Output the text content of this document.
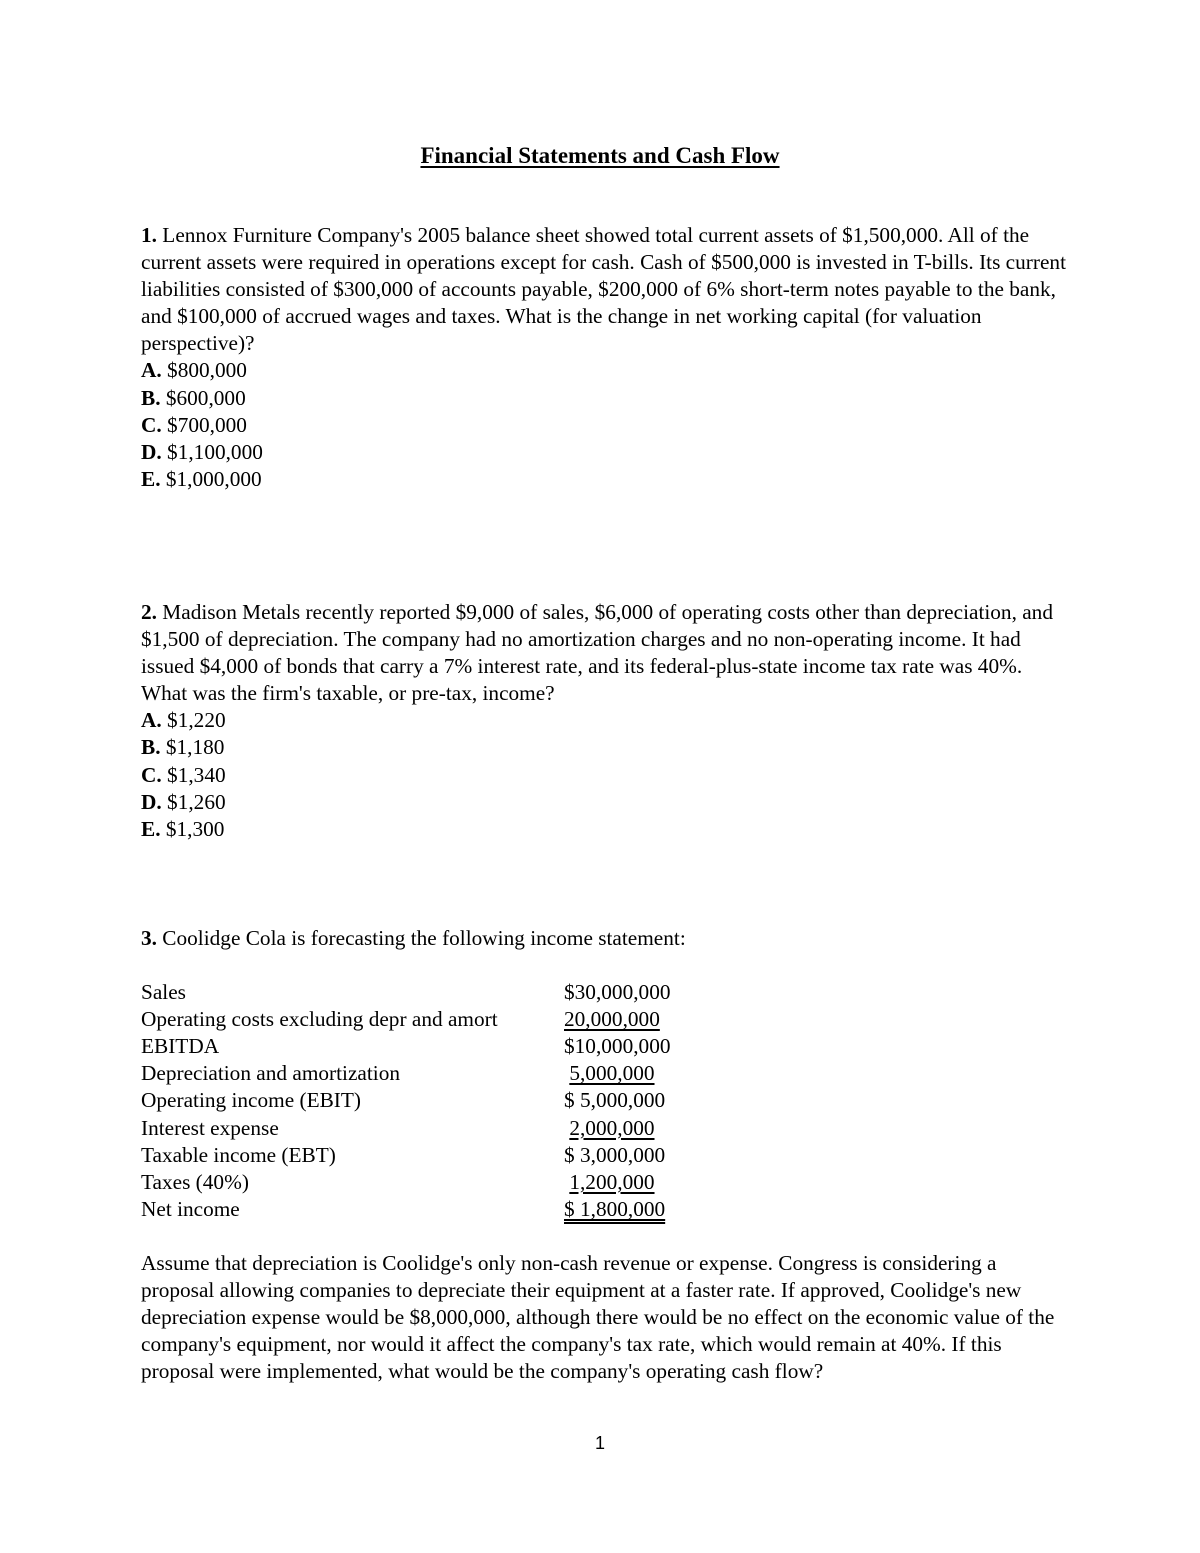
Financial Statements and Cash Flow

1. Lennox Furniture Company's 2005 balance sheet showed total current assets of $1,500,000. All of the current assets were required in operations except for cash. Cash of $500,000 is invested in T-bills. Its current liabilities consisted of $300,000 of accounts payable, $200,000 of 6% short-term notes payable to the bank, and $100,000 of accrued wages and taxes. What is the change in net working capital (for valuation perspective)?

A. $800,000
B. $600,000
C. $700,000
D. $1,100,000
E. $1,000,000

2. Madison Metals recently reported $9,000 of sales, $6,000 of operating costs other than depreciation, and $1,500 of depreciation. The company had no amortization charges and no non-operating income. It had issued $4,000 of bonds that carry a 7% interest rate, and its federal-plus-state income tax rate was 40%. What was the firm's taxable, or pre-tax, income?

A. $1,220
B. $1,180
C. $1,340
D. $1,260
E. $1,300

3. Coolidge Cola is forecasting the following income statement:

Sales	$30,000,000
Operating costs excluding depr and amort	20,000,000
EBITDA	$10,000,000
Depreciation and amortization	5,000,000
Operating income (EBIT)	$ 5,000,000
Interest expense	2,000,000
Taxable income (EBT)	$ 3,000,000
Taxes (40%)	1,200,000
Net income	$ 1,800,000

Assume that depreciation is Coolidge's only non-cash revenue or expense. Congress is considering a proposal allowing companies to depreciate their equipment at a faster rate. If approved, Coolidge's new depreciation expense would be $8,000,000, although there would be no effect on the economic value of the company's equipment, nor would it affect the company's tax rate, which would remain at 40%. If this proposal were implemented, what would be the company's operating cash flow?

1
